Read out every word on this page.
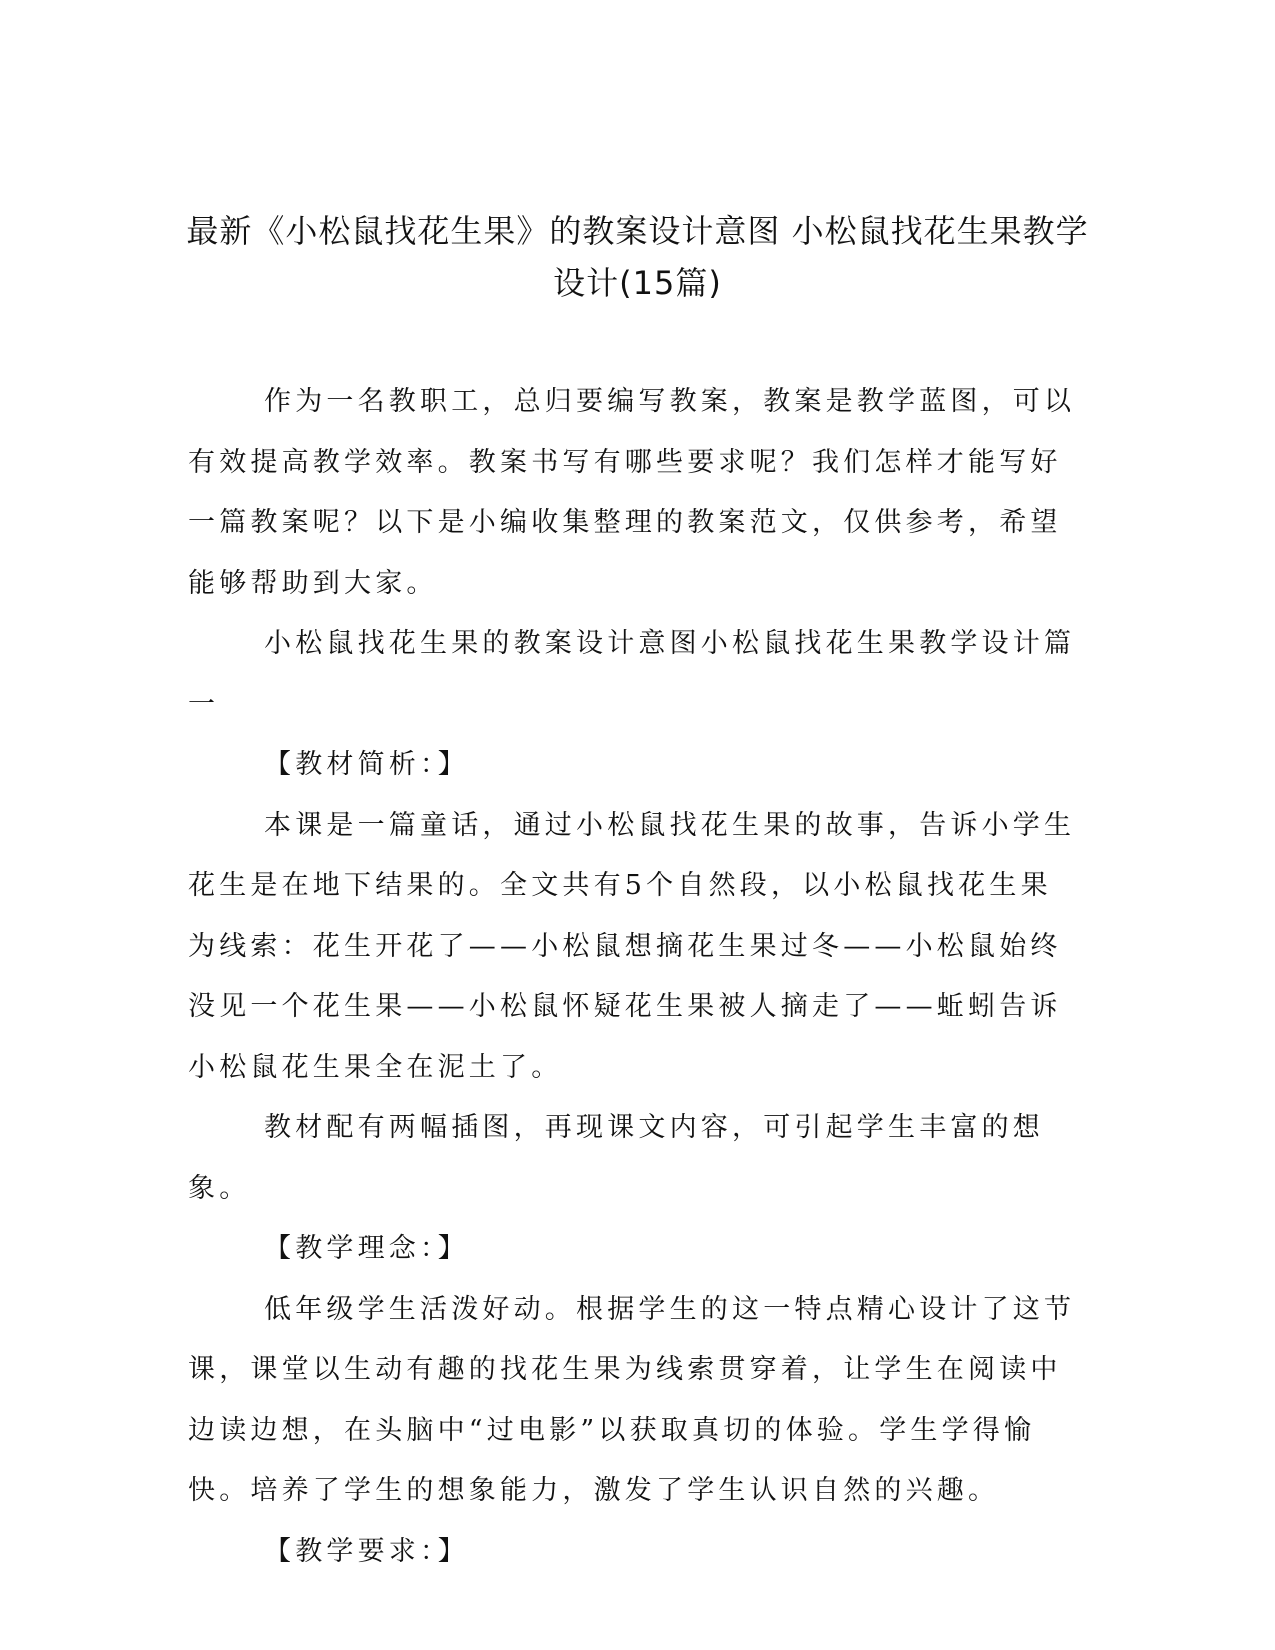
最新《小松鼠找花生果》的教案设计意图 小松鼠找花生果教学设计(15篇)

作为一名教职工，总归要编写教案，教案是教学蓝图，可以有效提高教学效率。教案书写有哪些要求呢？我们怎样才能写好一篇教案呢？以下是小编收集整理的教案范文，仅供参考，希望能够帮助到大家。

小松鼠找花生果的教案设计意图小松鼠找花生果教学设计篇一

【教材简析：】

本课是一篇童话，通过小松鼠找花生果的故事，告诉小学生花生是在地下结果的。全文共有5个自然段，以小松鼠找花生果为线索：花生开花了——小松鼠想摘花生果过冬——小松鼠始终没见一个花生果——小松鼠怀疑花生果被人摘走了——蚯蚓告诉小松鼠花生果全在泥土了。

教材配有两幅插图，再现课文内容，可引起学生丰富的想象。

【教学理念：】

低年级学生活泼好动。根据学生的这一特点精心设计了这节课，课堂以生动有趣的找花生果为线索贯穿着，让学生在阅读中边读边想，在头脑中“过电影”以获取真切的体验。学生学得愉快。培养了学生的想象能力，激发了学生认识自然的兴趣。

【教学要求：】
